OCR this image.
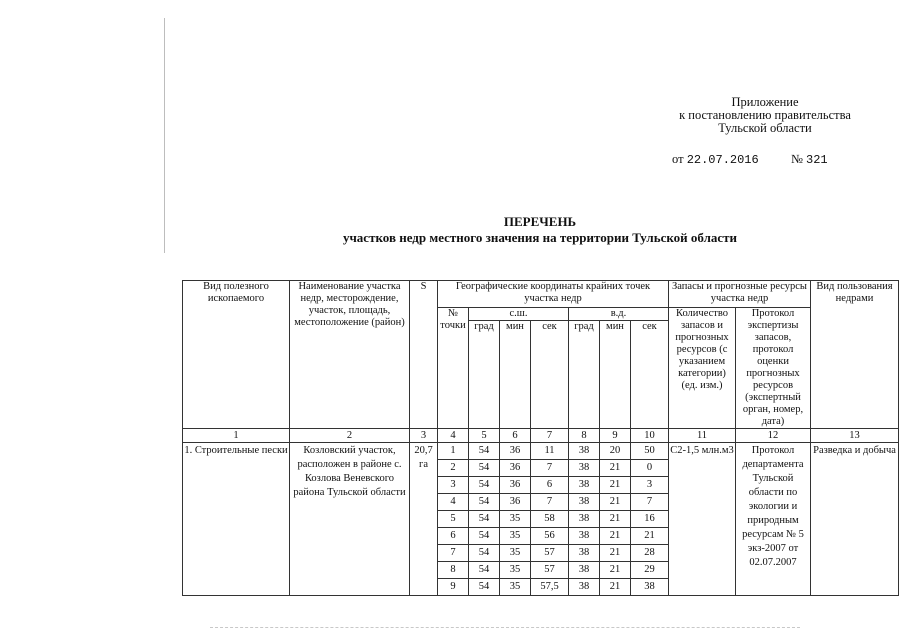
Приложение
к постановлению правительства
Тульской области
от 22.07.2016	№ 321
ПЕРЕЧЕНЬ
участков недр местного значения на территории Тульской области
Вид полезного ископаемого	Наименование участка недр, месторождение, участок, площадь, местоположение (район)	S	Географические координаты крайних точек участка недр							Запасы и прогнозные ресурсы участка недр		Вид пользования недрами
			№ точки	с.ш.			в.д.			Количество запасов и прогнозных ресурсов (с указанием категории) (ед. изм.)	Протокол экспертизы запасов, протокол оценки прогнозных ресурсов (экспертный орган, номер, дата)	
				град	мин	сек	град	мин	сек			
1	2	3	4	5	6	7	8	9	10	11	12	13
1. Строительные пески	Козловский участок, расположен в районе с. Козлова Веневского района Тульской области	20,7
га	1	54	36	11	38	20	50	С2-1,5 млн.м3	Протокол департамента Тульской области по экологии и природным ресурсам № 5 экз-2007 от 02.07.2007	Разведка и добыча
			2	54	36	7	38	21	0			
			3	54	36	6	38	21	3			
			4	54	36	7	38	21	7			
			5	54	35	58	38	21	16			
			6	54	35	56	38	21	21			
			7	54	35	57	38	21	28			
			8	54	35	57	38	21	29			
			9	54	35	57,5	38	21	38			
